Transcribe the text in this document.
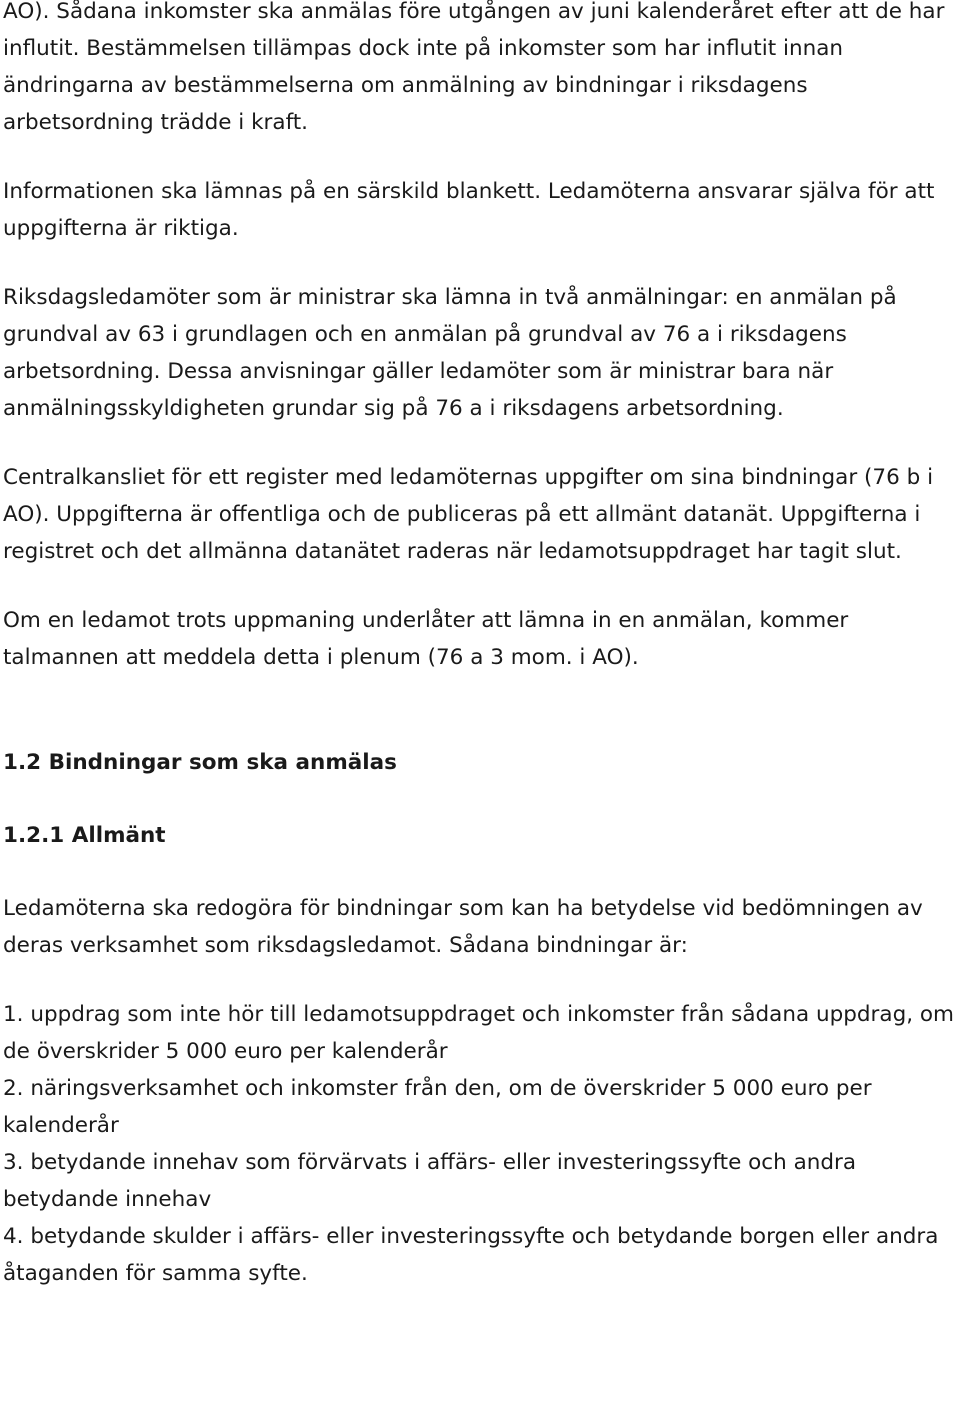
AO). Sådana inkomster ska anmälas före utgången av juni kalenderåret efter att de har influtit. Bestämmelsen tillämpas dock inte på inkomster som har influtit innan ändringarna av bestämmelserna om anmälning av bindningar i riksdagens arbetsordning trädde i kraft.

Informationen ska lämnas på en särskild blankett. Ledamöterna ansvarar själva för att uppgifterna är riktiga.

Riksdagsledamöter som är ministrar ska lämna in två anmälningar: en anmälan på grundval av 63 i grundlagen och en anmälan på grundval av 76 a i riksdagens arbetsordning. Dessa anvisningar gäller ledamöter som är ministrar bara när anmälningsskyldigheten grundar sig på 76 a i riksdagens arbetsordning.

Centralkansliet för ett register med ledamöternas uppgifter om sina bindningar (76 b i AO). Uppgifterna är offentliga och de publiceras på ett allmänt datanät. Uppgifterna i registret och det allmänna datanätet raderas när ledamotsuppdraget har tagit slut.

Om en ledamot trots uppmaning underlåter att lämna in en anmälan, kommer talmannen att meddela detta i plenum (76 a 3 mom. i AO).

1.2 Bindningar som ska anmälas
1.2.1 Allmänt

Ledamöterna ska redogöra för bindningar som kan ha betydelse vid bedömningen av deras verksamhet som riksdagsledamot. Sådana bindningar är:

1. uppdrag som inte hör till ledamotsuppdraget och inkomster från sådana uppdrag, om de överskrider 5 000 euro per kalenderår

2. näringsverksamhet och inkomster från den, om de överskrider 5 000 euro per kalenderår

3. betydande innehav som förvärvats i affärs- eller investeringssyfte och andra betydande innehav

4. betydande skulder i affärs- eller investeringssyfte och betydande borgen eller andra åtaganden för samma syfte.
